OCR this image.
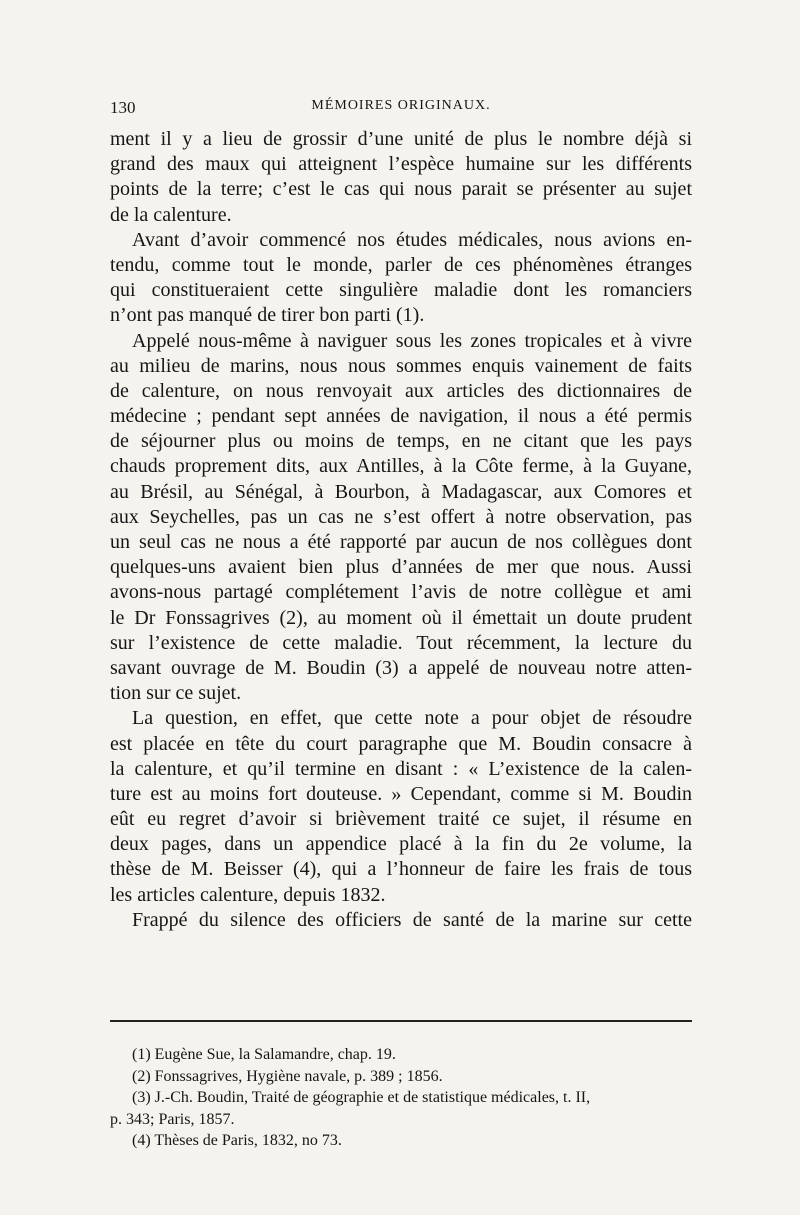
130	MÉMOIRES ORIGINAUX.
ment il y a lieu de grossir d’une unité de plus le nombre déjà si
grand des maux qui atteignent l’espèce humaine sur les différents
points de la terre; c’est le cas qui nous parait se présenter au sujet
de la calenture.
Avant d’avoir commencé nos études médicales, nous avions en-
tendu, comme tout le monde, parler de ces phénomènes étranges
qui constitueraient cette singulière maladie dont les romanciers
n’ont pas manqué de tirer bon parti (1).
Appelé nous-même à naviguer sous les zones tropicales et à vivre
au milieu de marins, nous nous sommes enquis vainement de faits
de calenture, on nous renvoyait aux articles des dictionnaires de
médecine ; pendant sept années de navigation, il nous a été permis
de séjourner plus ou moins de temps, en ne citant que les pays
chauds proprement dits, aux Antilles, à la Côte ferme, à la Guyane,
au Brésil, au Sénégal, à Bourbon, à Madagascar, aux Comores et
aux Seychelles, pas un cas ne s’est offert à notre observation, pas
un seul cas ne nous a été rapporté par aucun de nos collègues dont
quelques-uns avaient bien plus d’années de mer que nous. Aussi
avons-nous partagé complétement l’avis de notre collègue et ami
le Dr Fonssagrives (2), au moment où il émettait un doute prudent
sur l’existence de cette maladie. Tout récemment, la lecture du
savant ouvrage de M. Boudin (3) a appelé de nouveau notre atten-
tion sur ce sujet.
La question, en effet, que cette note a pour objet de résoudre
est placée en tête du court paragraphe que M. Boudin consacre à
la calenture, et qu’il termine en disant : « L’existence de la calen-
ture est au moins fort douteuse. » Cependant, comme si M. Boudin
eût eu regret d’avoir si brièvement traité ce sujet, il résume en
deux pages, dans un appendice placé à la fin du 2e volume, la
thèse de M. Beisser (4), qui a l’honneur de faire les frais de tous
les articles calenture, depuis 1832.
Frappé du silence des officiers de santé de la marine sur cette
(1) Eugène Sue, la Salamandre, chap. 19.
(2) Fonssagrives, Hygiène navale, p. 389 ; 1856.
(3) J.-Ch. Boudin, Traité de géographie et de statistique médicales, t. II,
p. 343; Paris, 1857.
(4) Thèses de Paris, 1832, no 73.
